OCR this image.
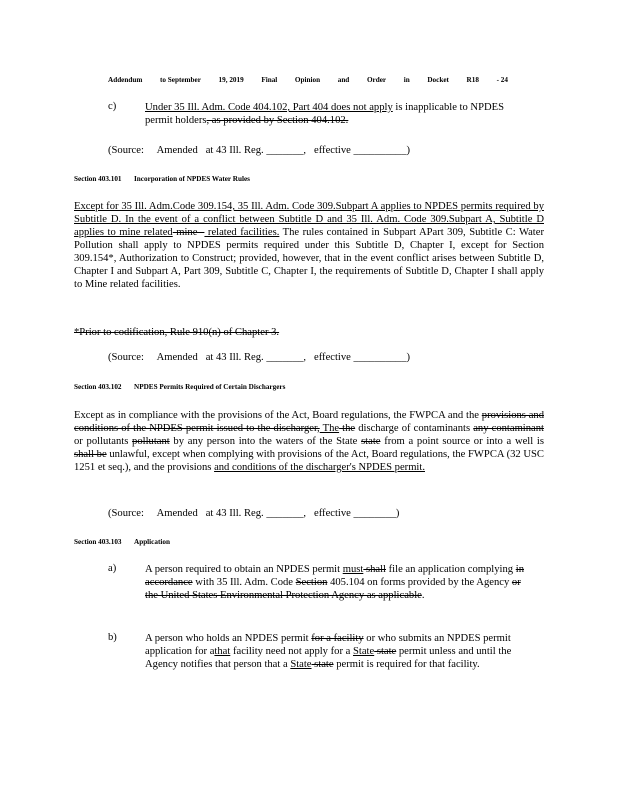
Addendum to September 19, 2019 Final Opinion and Order in Docket R18 - 24
c)	Under 35 Ill. Adm. Code 404.102, Part 404 does not apply is inapplicable to NPDES permit holders, as provided by Section 404.102.
(Source: Amended at 43 Ill. Reg. _______, effective __________)
Section 403.101	Incorporation of NPDES Water Rules
Except for 35 Ill. Adm.Code 309.154, 35 Ill. Adm. Code 309.Subpart A applies to NPDES permits required by Subtitle D. In the event of a conflict between Subtitle D and 35 Ill. Adm. Code 309.Subpart A, Subtitle D applies to mine related mine - related facilities. The rules contained in Subpart APart 309, Subtitle C: Water Pollution shall apply to NPDES permits required under this Subtitle D, Chapter I, except for Section 309.154*, Authorization to Construct; provided, however, that in the event conflict arises between Subtitle D, Chapter I and Subpart A, Part 309, Subtitle C, Chapter I, the requirements of Subtitle D, Chapter I shall apply to Mine related facilities.
*Prior to codification, Rule 910(n) of Chapter 3.
(Source: Amended at 43 Ill. Reg. _______, effective __________)
Section 403.102	NPDES Permits Required of Certain Dischargers
Except as in compliance with the provisions of the Act, Board regulations, the FWPCA and the provisions and conditions of the NPDES permit issued to the discharger, The the discharge of contaminants any contaminant or pollutants pollutant by any person into the waters of the State state from a point source or into a well is shall be unlawful, except when complying with provisions of the Act, Board regulations, the FWPCA (32 USC 1251 et seq.), and the provisions and conditions of the discharger's NPDES permit.
(Source: Amended at 43 Ill. Reg. _______, effective ________)
Section 403.103	Application
a)	A person required to obtain an NPDES permit must shall file an application complying in accordance with 35 Ill. Adm. Code Section 405.104 on forms provided by the Agency or the United States Environmental Protection Agency as applicable.
b)	A person who holds an NPDES permit for a facility or who submits an NPDES permit application for athat facility need not apply for a State state permit unless and until the Agency notifies that person that a State state permit is required for that facility.
